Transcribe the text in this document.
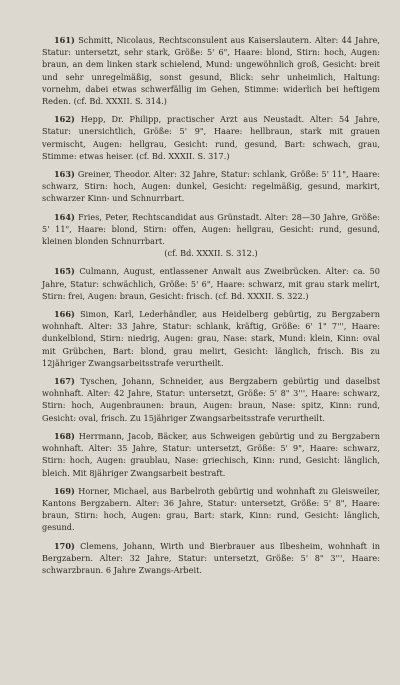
161) Schmitt, Nicolaus, Rechtsconsulent aus Kaiserslautern. Alter: 44 Jahre, Statur: untersetzt, sehr stark, Größe: 5' 6", Haare: blond, Stirn: hoch, Augen: braun, an dem linken stark schielend, Mund: ungewöhnlich groß, Gesicht: breit und sehr unregelmäßig, sonst gesund, Blick: sehr unheimlich, Haltung: vornehm, dabei etwas schwerfällig im Gehen, Stimme: widerlich bei heftigem Reden. (cf. Bd. XXXII. S. 314.)

162) Hepp, Dr. Philipp, practischer Arzt aus Neustadt. Alter: 54 Jahre, Statur: unersichtlich, Größe: 5' 9", Haare: hellbraun, stark mit grauen vermischt, Augen: hellgrau, Gesicht: rund, gesund, Bart: schwach, grau, Stimme: etwas heiser. (cf. Bd. XXXII. S. 317.)

163) Greiner, Theodor. Alter: 32 Jahre, Statur: schlank, Größe: 5' 11", Haare: schwarz, Stirn: hoch, Augen: dunkel, Gesicht: regelmäßig, gesund, markirt, schwarzer Kinn- und Schnurrbart.

164) Fries, Peter, Rechtscandidat aus Grünstadt. Alter: 28—30 Jahre, Größe: 5' 11", Haare: blond, Stirn: offen, Augen: hellgrau, Gesicht: rund, gesund, kleinen blonden Schnurrbart.
(cf. Bd. XXXII. S. 312.)

165) Culmann, August, entlassener Anwalt aus Zweibrücken. Alter: ca. 50 Jahre, Statur: schwächlich, Größe: 5' 6", Haare: schwarz, mit grau stark melirt, Stirn: frei, Augen: braun, Gesicht: frisch. (cf. Bd. XXXII. S. 322.)

166) Simon, Karl, Lederhändler, aus Heidelberg gebürtig, zu Bergzabern wohnhaft. Alter: 33 Jahre, Statur: schlank, kräftig, Größe: 6' 1" 7''', Haare: dunkelblond, Stirn: niedrig, Augen: grau, Nase: stark, Mund: klein, Kinn: oval mit Grübchen, Bart: blond, grau melirt, Gesicht: länglich, frisch. Bis zu 12jähriger Zwangsarbeitsstrafe verurtheilt.

167) Tyschen, Johann, Schneider, aus Bergzabern gebürtig und daselbst wohnhaft. Alter: 42 Jahre, Statur: untersetzt, Größe: 5' 8" 3''', Haare: schwarz, Stirn: hoch, Augenbraunen: braun, Augen: braun, Nase: spitz, Kinn: rund, Gesicht: oval, frisch. Zu 15jähriger Zwangsarbeitsstrafe verurtheilt.

168) Herrmann, Jacob, Bäcker, aus Schweigen gebürtig und zu Bergzabern wohnhaft. Alter: 35 Jahre, Statur: untersetzt, Größe: 5' 9", Haare: schwarz, Stirn: hoch, Augen: graublau, Nase: griechisch, Kinn: rund, Gesicht: länglich, bleich. Mit 8jähriger Zwangsarbeit bestraft.

169) Horner, Michael, aus Barbelroth gebürtig und wohnhaft zu Gleisweiler, Kantons Bergzabern. Alter: 36 Jahre, Statur: untersetzt, Größe: 5' 8", Haare: braun, Stirn: hoch, Augen: grau, Bart: stark, Kinn: rund, Gesicht: länglich, gesund.

170) Clemens, Johann, Wirth und Bierbrauer aus Ilbesheim, wohnhaft in Bergzabern. Alter: 32 Jahre, Statur: untersetzt, Größe: 5' 8" 3''', Haare: schwarzbraun. 6 Jahre Zwangs-Arbeit.
